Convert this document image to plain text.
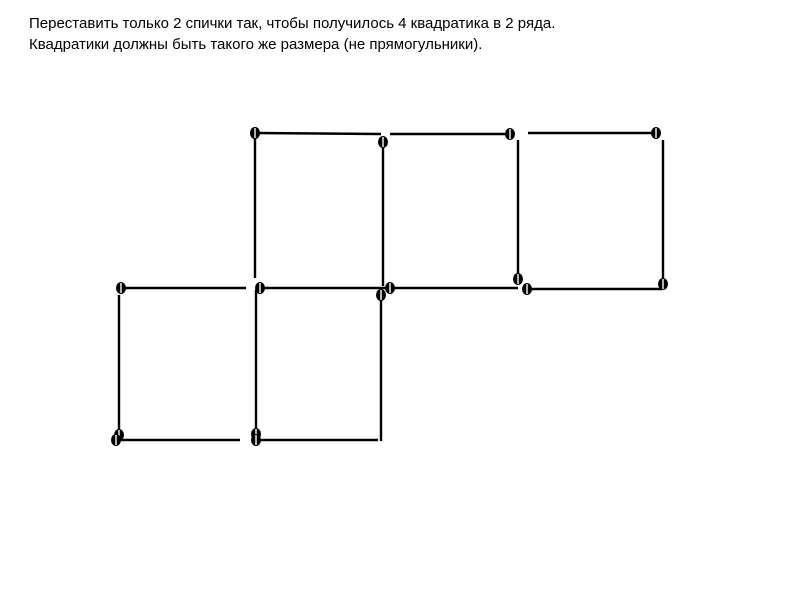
Переставить только 2 спички так, чтобы получилось 4 квадратика в 2 ряда.
Квадратики должны быть такого же размера (не прямогульники).
